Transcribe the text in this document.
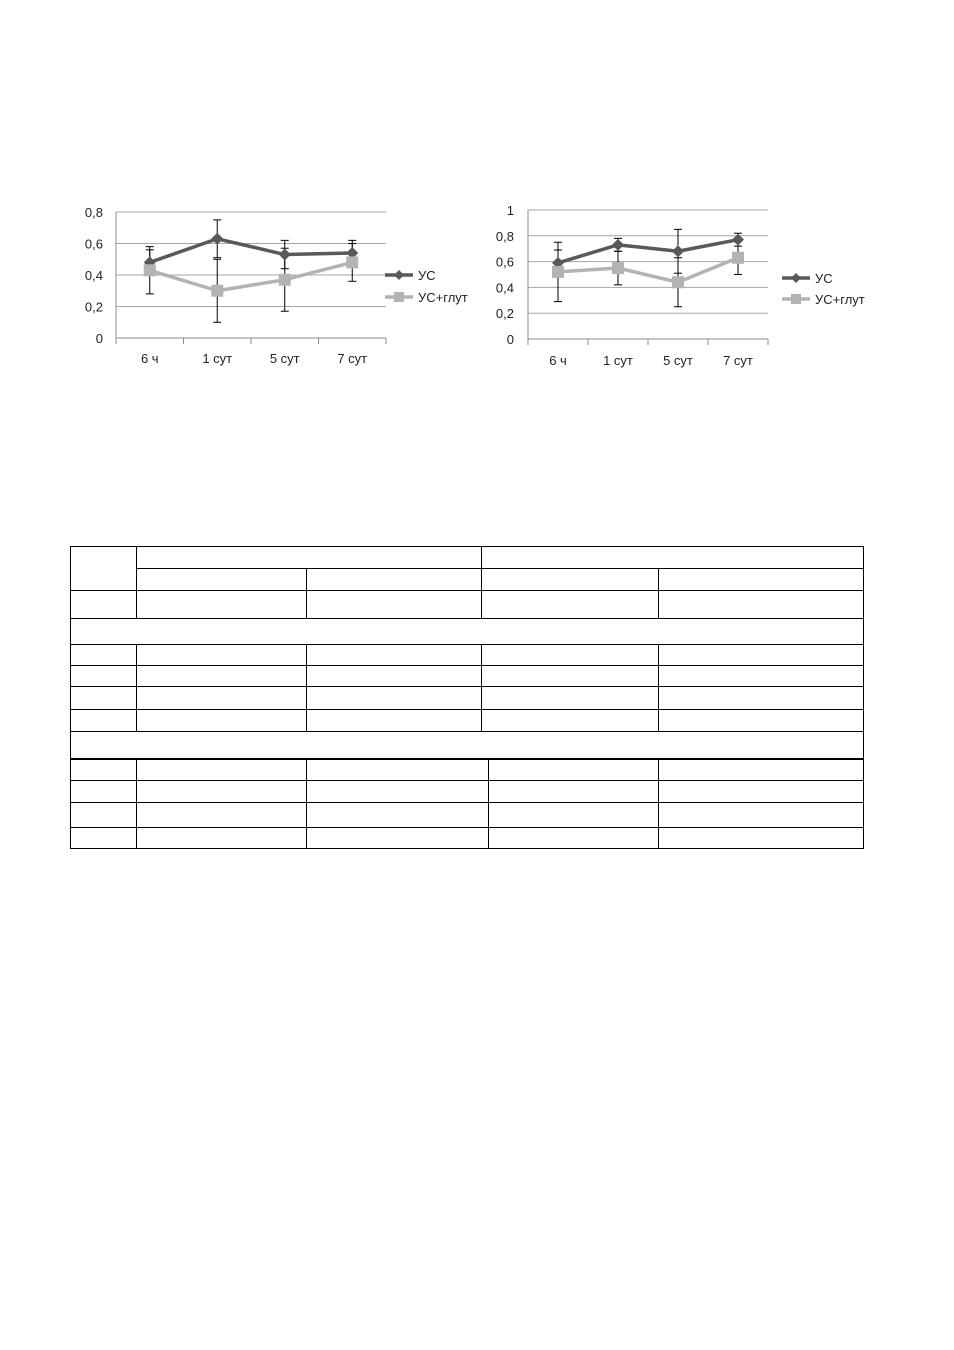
0
0,2
0,4
0,6
0,8
6 ч	1 сут	5 сут	7 сут
УС
УС+глут
0
0,2
0,4
0,6
0,8
1
6 ч	1 сут 5 сут 7 сут
УС
УС+глут
